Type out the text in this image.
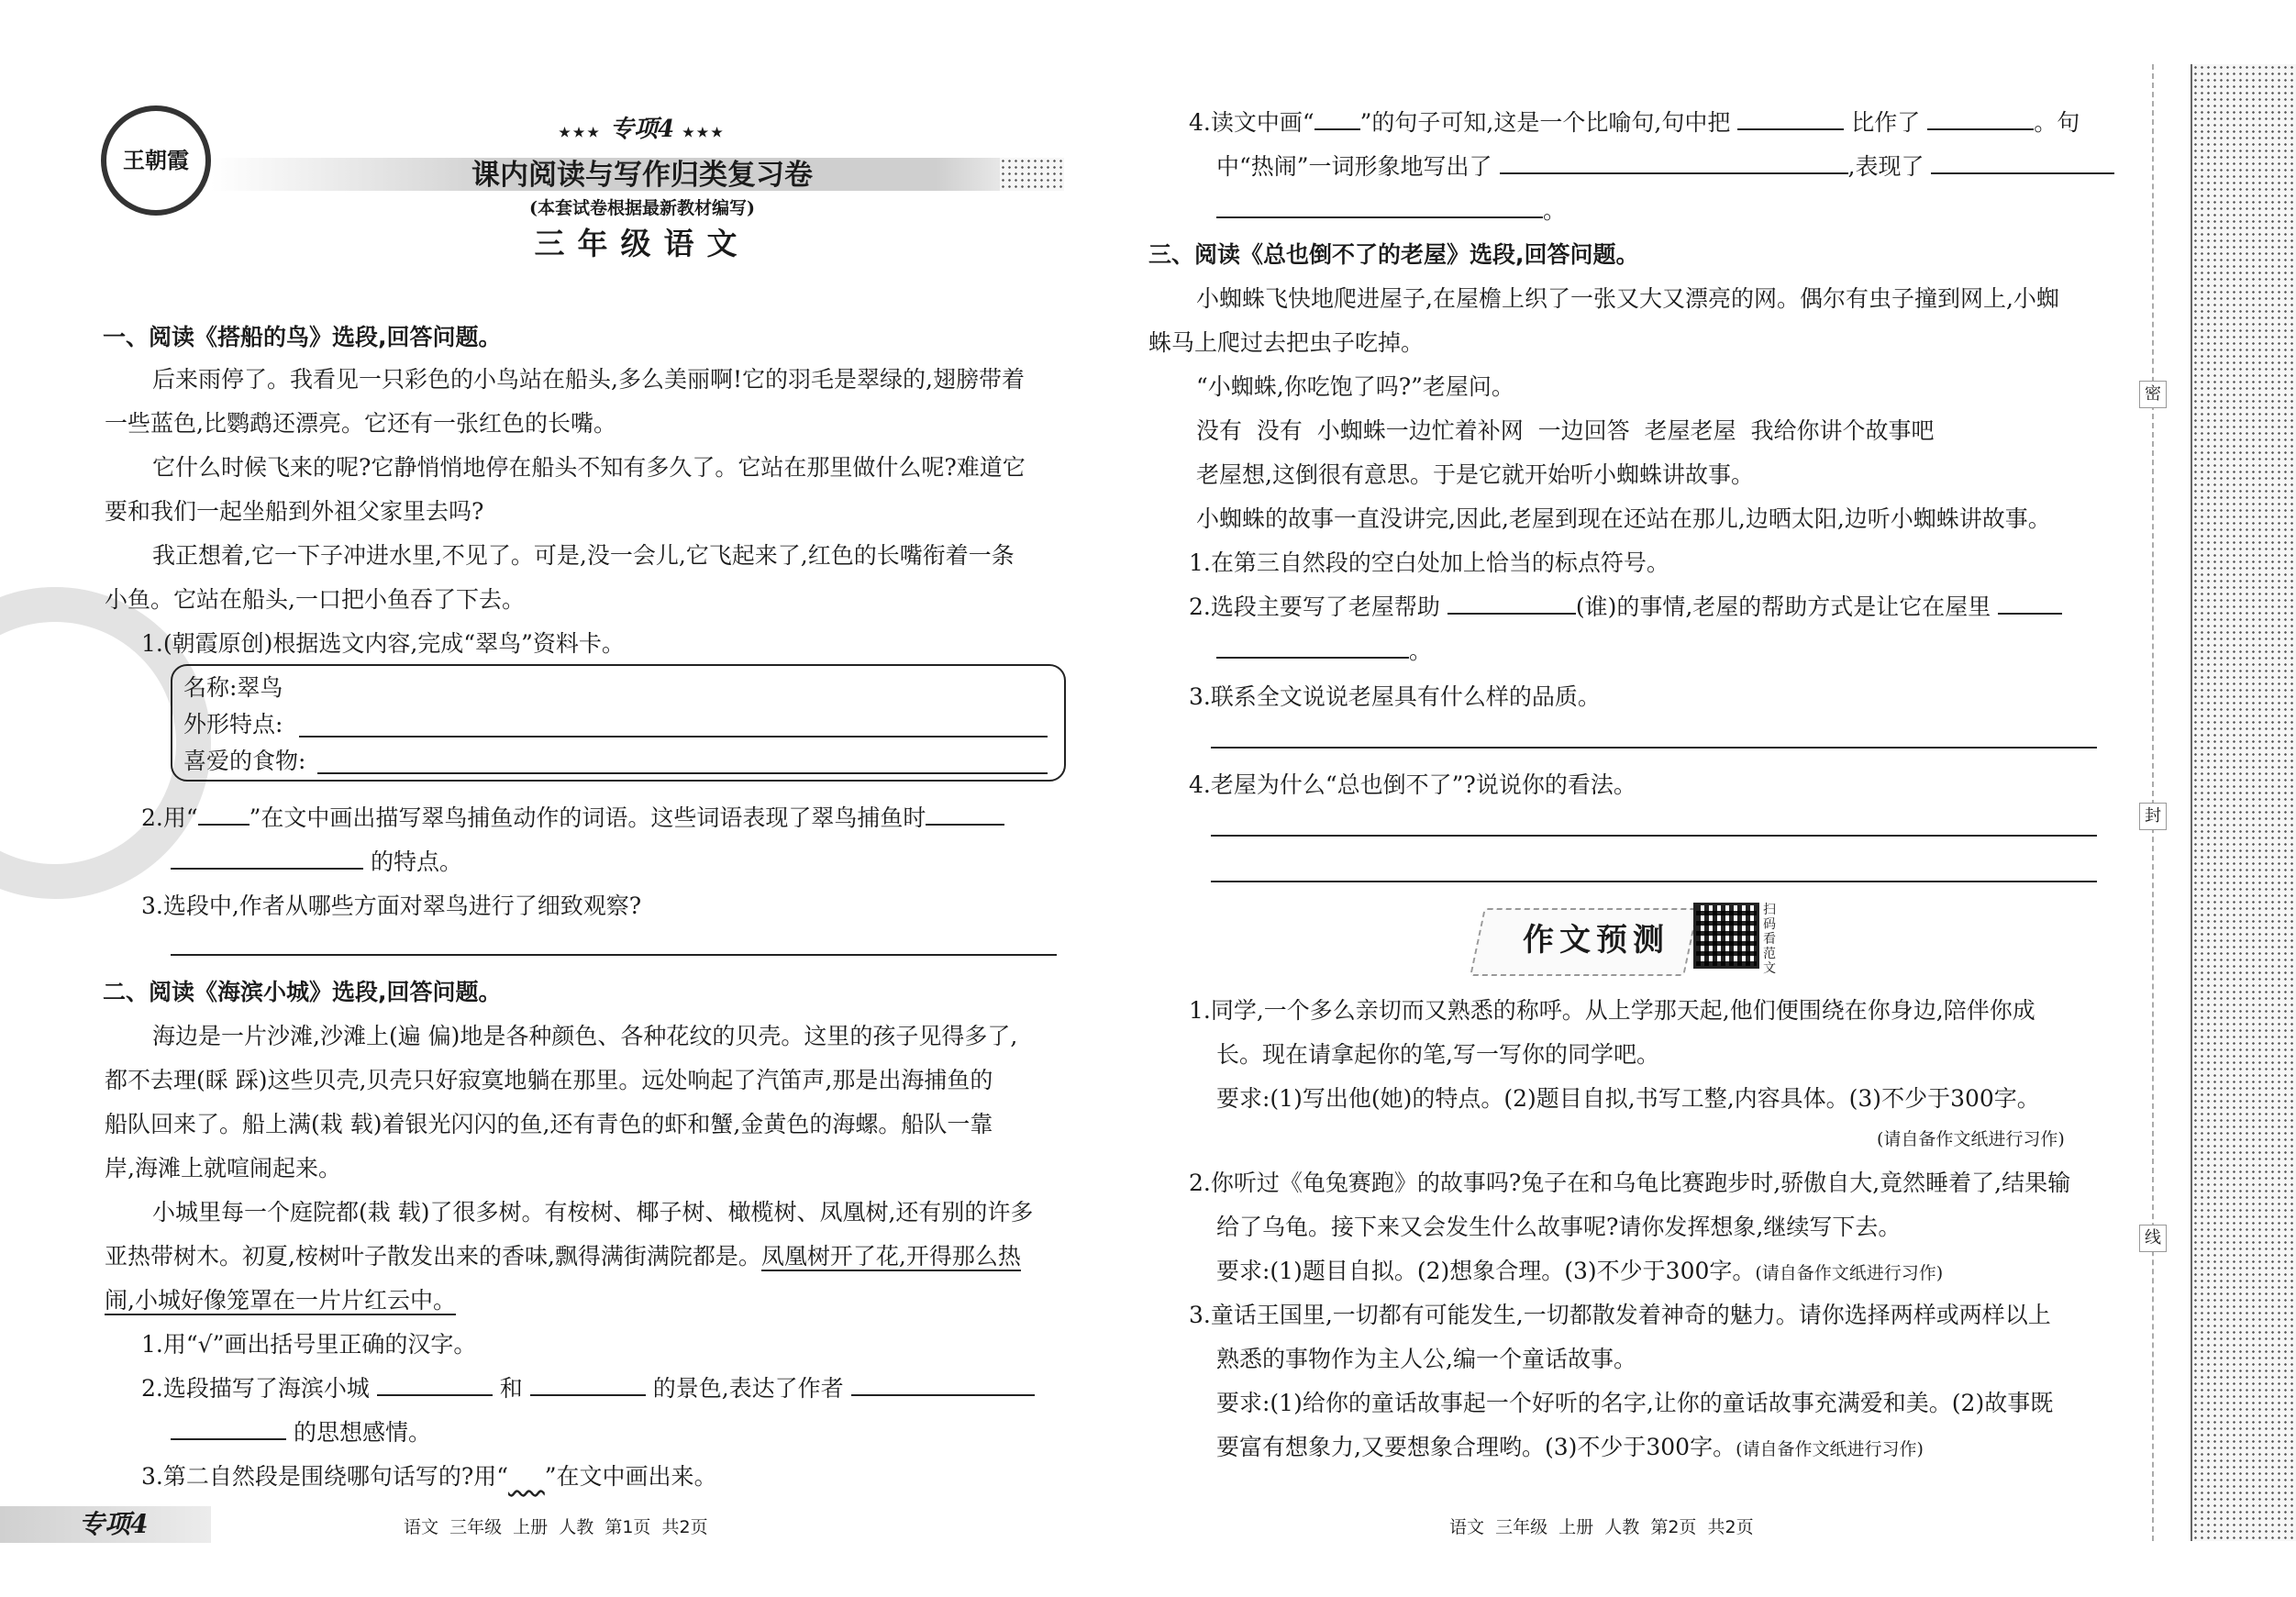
王朝霞
★★★ 专项4 ★★★
课内阅读与写作归类复习卷
(本套试卷根据最新教材编写)
三年级语文
一、阅读《搭船的鸟》选段,回答问题。
后来雨停了。我看见一只彩色的小鸟站在船头,多么美丽啊!它的羽毛是翠绿的,翅膀带着
一些蓝色,比鹦鹉还漂亮。它还有一张红色的长嘴。
它什么时候飞来的呢?它静悄悄地停在船头不知有多久了。它站在那里做什么呢?难道它
要和我们一起坐船到外祖父家里去吗?
我正想着,它一下子冲进水里,不见了。可是,没一会儿,它飞起来了,红色的长嘴衔着一条
小鱼。它站在船头,一口把小鱼吞了下去。
1.(朝霞原创)根据选文内容,完成“翠鸟”资料卡。
名称:翠鸟
外形特点:
喜爱的食物:
2.用“ ”在文中画出描写翠鸟捕鱼动作的词语。这些词语表现了翠鸟捕鱼时
的特点。
3.选段中,作者从哪些方面对翠鸟进行了细致观察?
二、阅读《海滨小城》选段,回答问题。
海边是一片沙滩,沙滩上(遍 偏)地是各种颜色、各种花纹的贝壳。这里的孩子见得多了,
都不去理(睬 踩)这些贝壳,贝壳只好寂寞地躺在那里。远处响起了汽笛声,那是出海捕鱼的
船队回来了。船上满(栽 载)着银光闪闪的鱼,还有青色的虾和蟹,金黄色的海螺。船队一靠
岸,海滩上就喧闹起来。
小城里每一个庭院都(栽 载)了很多树。有桉树、椰子树、橄榄树、凤凰树,还有别的许多
亚热带树木。初夏,桉树叶子散发出来的香味,飘得满街满院都是。凤凰树开了花,开得那么热
闹,小城好像笼罩在一片片红云中。
1.用“√”画出括号里正确的汉字。
2.选段描写了海滨小城	和	的景色,表达了作者
的思想感情。
3.第二自然段是围绕哪句话写的?用“ ”在文中画出来。
专项4	语文  三年级  上册  人教  第1页  共2页
4.读文中画“ ”的句子可知,这是一个比喻句,句中把	比作了	。句
中“热闹”一词形象地写出了	,表现了
。
三、阅读《总也倒不了的老屋》选段,回答问题。
小蜘蛛飞快地爬进屋子,在屋檐上织了一张又大又漂亮的网。偶尔有虫子撞到网上,小蜘
蛛马上爬过去把虫子吃掉。
“小蜘蛛,你吃饱了吗?”老屋问。
没有  没有  小蜘蛛一边忙着补网  一边回答  老屋老屋  我给你讲个故事吧
老屋想,这倒很有意思。于是它就开始听小蜘蛛讲故事。
小蜘蛛的故事一直没讲完,因此,老屋到现在还站在那儿,边晒太阳,边听小蜘蛛讲故事。
1.在第三自然段的空白处加上恰当的标点符号。
2.选段主要写了老屋帮助	(谁)的事情,老屋的帮助方式是让它在屋里
。
3.联系全文说说老屋具有什么样的品质。
4.老屋为什么“总也倒不了”?说说你的看法。
作文预测
扫码看范文
1.同学,一个多么亲切而又熟悉的称呼。从上学那天起,他们便围绕在你身边,陪伴你成
长。现在请拿起你的笔,写一写你的同学吧。
要求:(1)写出他(她)的特点。(2)题目自拟,书写工整,内容具体。(3)不少于300字。
(请自备作文纸进行习作)
2.你听过《龟兔赛跑》的故事吗?兔子在和乌龟比赛跑步时,骄傲自大,竟然睡着了,结果输
给了乌龟。接下来又会发生什么故事呢?请你发挥想象,继续写下去。
要求:(1)题目自拟。(2)想象合理。(3)不少于300字。(请自备作文纸进行习作)
3.童话王国里,一切都有可能发生,一切都散发着神奇的魅力。请你选择两样或两样以上
熟悉的事物作为主人公,编一个童话故事。
要求:(1)给你的童话故事起一个好听的名字,让你的童话故事充满爱和美。(2)故事既
要富有想象力,又要想象合理哟。(3)不少于300字。(请自备作文纸进行习作)
语文  三年级  上册  人教  第2页  共2页
密
封
线
